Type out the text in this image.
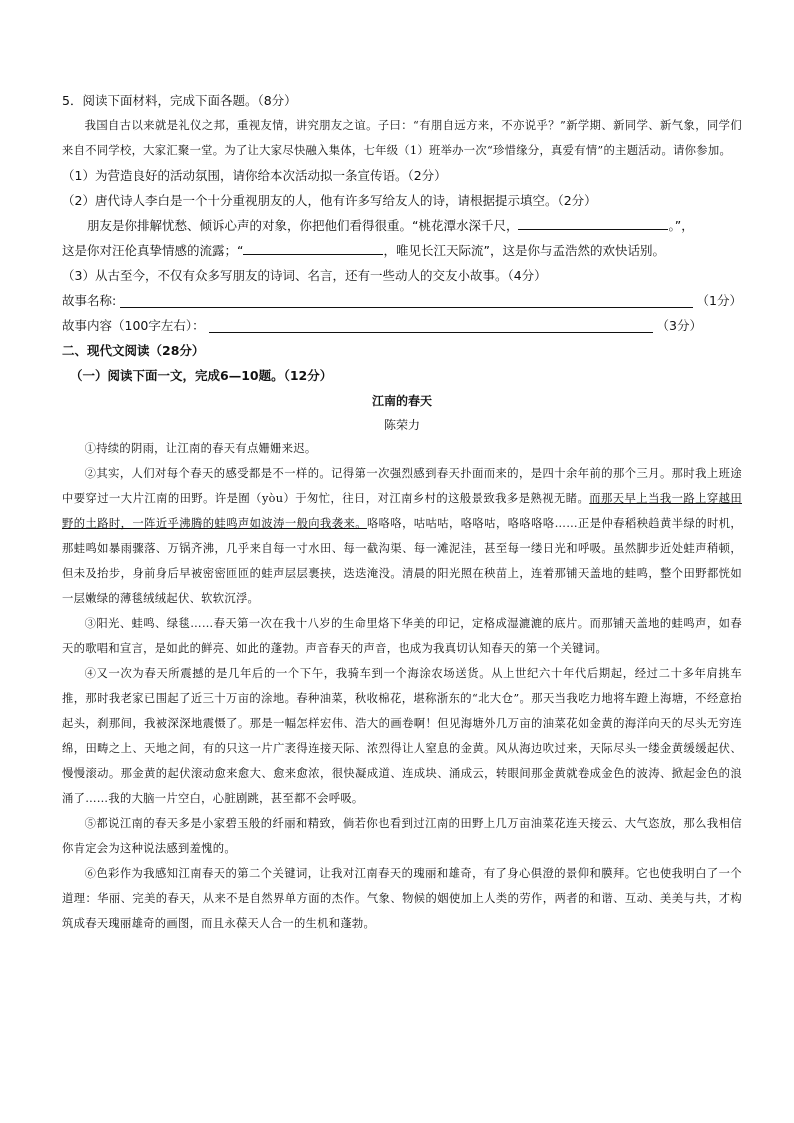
5．阅读下面材料，完成下面各题。（8分）
我国自古以来就是礼仪之邦，重视友情，讲究朋友之谊。子曰：“有朋自远方来，不亦说乎？”新学期、新同学、新气象，同学们来自不同学校，大家汇聚一堂。为了让大家尽快融入集体，七年级（1）班举办一次“珍惜缘分，真爱有情”的主题活动。请你参加。
（1）为营造良好的活动氛围，请你给本次活动拟一条宣传语。（2分）
（2）唐代诗人李白是一个十分重视朋友的人，他有许多写给友人的诗，请根据提示填空。（2分）
朋友是你排解忧愁、倾诉心声的对象，你把他们看得很重。“桃花潭水深千尺，	。”，
这是你对汪伦真挚情感的流露；“	，唯见长江天际流”，这是你与孟浩然的欢快话别。
（3）从古至今，不仅有众多写朋友的诗词、名言，还有一些动人的交友小故事。（4分）
故事名称:	（1分）
故事内容（100字左右）：	（3分）
二、现代文阅读（28分）
（一）阅读下面一文，完成6—10题。（12分）
江南的春天
陈荣力
①持续的阴雨，让江南的春天有点姗姗来迟。
②其实，人们对每个春天的感受都是不一样的。记得第一次强烈感到春天扑面而来的，是四十余年前的那个三月。那时我上班途中要穿过一大片江南的田野。许是囿（yòu）于匆忙，往日，对江南乡村的这般景致我多是熟视无睹。而那天早上当我一路上穿越田野的土路时，一阵近乎沸腾的蛙鸣声如波涛一般向我袭来。咯咯咯，咕咕咕，咯咯咕，咯咯咯咯……正是仲春稻秧趋黄半绿的时机，那蛙鸣如暴雨骤落、万锅齐沸，几乎来自每一寸水田、每一截沟渠、每一滩泥洼，甚至每一缕日光和呼吸。虽然脚步近处蛙声稍顿，但未及抬步，身前身后早被密密匝匝的蛙声层层裹挟，迭迭淹没。清晨的阳光照在秧苗上，连着那铺天盖地的蛙鸣，整个田野都恍如一层嫩绿的薄毯绒绒起伏、软软沉浮。
③阳光、蛙鸣、绿毯……春天第一次在我十八岁的生命里烙下华美的印记，定格成湿漉漉的底片。而那铺天盖地的蛙鸣声，如春天的歌唱和宣言，是如此的鲜亮、如此的蓬勃。声音春天的声音，也成为我真切认知春天的第一个关键词。
④又一次为春天所震撼的是几年后的一个下午，我骑车到一个海涂农场送货。从上世纪六十年代后期起，经过二十多年肩挑车推，那时我老家已围起了近三十万亩的涂地。春种油菜，秋收棉花，堪称浙东的“北大仓”。那天当我吃力地将车蹬上海塘，不经意抬起头，刹那间，我被深深地震慑了。那是一幅怎样宏伟、浩大的画卷啊！但见海塘外几万亩的油菜花如金黄的海洋向天的尽头无穷连绵，田畴之上、天地之间，有的只这一片广袤得连接天际、浓烈得让人窒息的金黄。风从海边吹过来，天际尽头一缕金黄缓缓起伏、慢慢滚动。那金黄的起伏滚动愈来愈大、愈来愈浓，很快凝成道、连成块、涌成云，转眼间那金黄就卷成金色的波涛、掀起金色的浪涌了……我的大脑一片空白，心脏剧跳，甚至都不会呼吸。
⑤都说江南的春天多是小家碧玉般的纤丽和精致，倘若你也看到过江南的田野上几万亩油菜花连天接云、大气恣放，那么我相信你肯定会为这种说法感到羞愧的。
⑥色彩作为我感知江南春天的第二个关键词，让我对江南春天的瑰丽和雄奇，有了身心俱澄的景仰和膜拜。它也使我明白了一个道理：华丽、完美的春天，从来不是自然界单方面的杰作。气象、物候的姻使加上人类的劳作，两者的和谐、互动、美美与共，才构筑成春天瑰丽雄奇的画图，而且永葆天人合一的生机和蓬勃。
